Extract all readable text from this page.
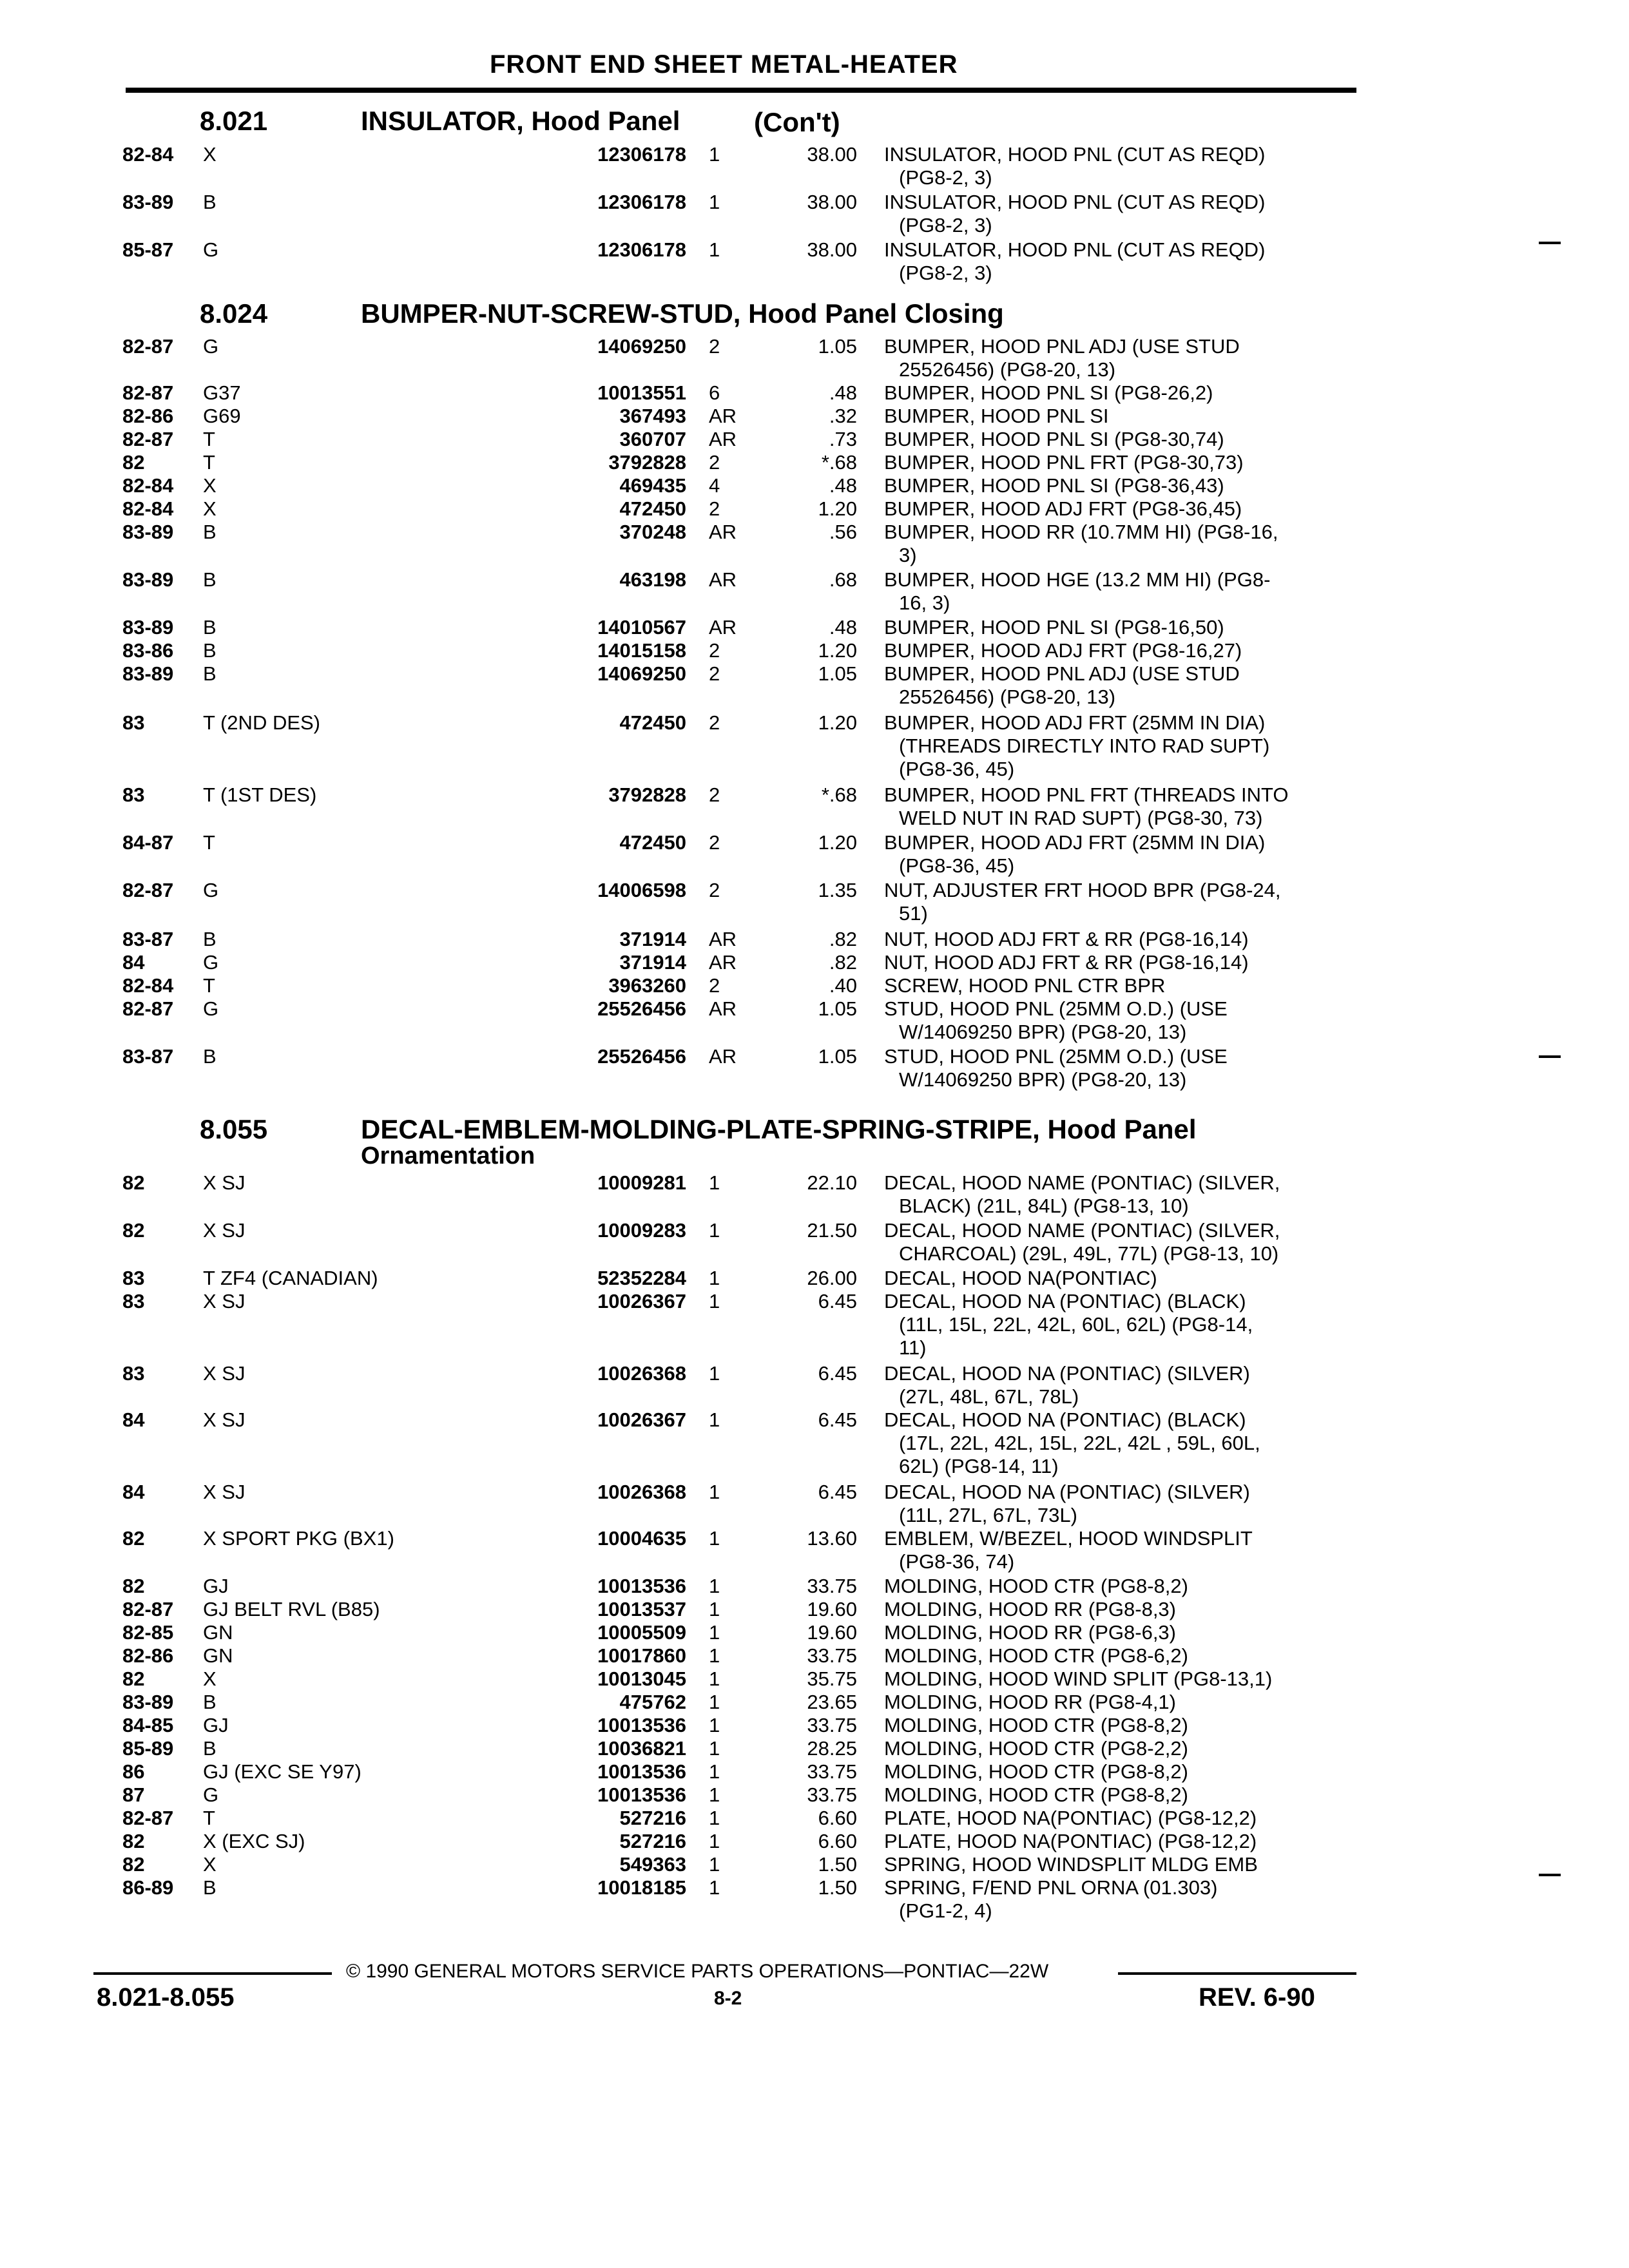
FRONT END SHEET METAL-HEATER
8.021	INSULATOR, Hood Panel	(Con't)
8.024	BUMPER-NUT-SCREW-STUD, Hood Panel Closing
8.055	DECAL-EMBLEM-MOLDING-PLATE-SPRING-STRIPE, Hood Panel
Ornamentation
82-84 X	12306178 1	38.00 INSULATOR, HOOD PNL (CUT AS REQD)
(PG8-2, 3)
83-89 B	12306178 1	38.00 INSULATOR, HOOD PNL (CUT AS REQD)
(PG8-2, 3)
85-87 G	12306178 1	38.00 INSULATOR, HOOD PNL (CUT AS REQD)
(PG8-2, 3)
82-87 G	14069250 2	1.05 BUMPER, HOOD PNL ADJ (USE STUD
25526456) (PG8-20, 13)
82-87 G37	10013551 6	.48 BUMPER, HOOD PNL SI (PG8-26,2)
82-86 G69	367493 AR	.32 BUMPER, HOOD PNL SI
82-87 T	360707 AR	.73 BUMPER, HOOD PNL SI (PG8-30,74)
82	T	3792828 2	*.68 BUMPER, HOOD PNL FRT (PG8-30,73)
82-84 X	469435 4	.48 BUMPER, HOOD PNL SI (PG8-36,43)
82-84 X	472450 2	1.20 BUMPER, HOOD ADJ FRT (PG8-36,45)
83-89 B	370248 AR	.56 BUMPER, HOOD RR (10.7MM HI) (PG8-16,
3)
83-89 B	463198 AR	.68 BUMPER, HOOD HGE (13.2 MM HI) (PG8-
16, 3)
83-89 B	14010567 AR	.48 BUMPER, HOOD PNL SI (PG8-16,50)
83-86 B	14015158 2	1.20 BUMPER, HOOD ADJ FRT (PG8-16,27)
83-89 B	14069250 2	1.05 BUMPER, HOOD PNL ADJ (USE STUD
25526456) (PG8-20, 13)
83	T (2ND DES)	472450 2	1.20 BUMPER, HOOD ADJ FRT (25MM IN DIA)
(THREADS DIRECTLY INTO RAD SUPT)
(PG8-36, 45)
83	T (1ST DES)	3792828 2	*.68 BUMPER, HOOD PNL FRT (THREADS INTO
WELD NUT IN RAD SUPT) (PG8-30, 73)
84-87 T	472450 2	1.20 BUMPER, HOOD ADJ FRT (25MM IN DIA)
(PG8-36, 45)
82-87 G	14006598 2	1.35 NUT, ADJUSTER FRT HOOD BPR (PG8-24,
51)
83-87 B	371914 AR	.82 NUT, HOOD ADJ FRT & RR (PG8-16,14)
84	G	371914 AR	.82 NUT, HOOD ADJ FRT & RR (PG8-16,14)
82-84 T	3963260 2	.40 SCREW, HOOD PNL CTR BPR
82-87 G	25526456 AR	1.05 STUD, HOOD PNL (25MM O.D.) (USE
W/14069250 BPR) (PG8-20, 13)
83-87 B	25526456 AR	1.05 STUD, HOOD PNL (25MM O.D.) (USE
W/14069250 BPR) (PG8-20, 13)
82	X SJ	10009281 1	22.10 DECAL, HOOD NAME (PONTIAC) (SILVER,
BLACK) (21L, 84L) (PG8-13, 10)
82	X SJ	10009283 1	21.50 DECAL, HOOD NAME (PONTIAC) (SILVER,
CHARCOAL) (29L, 49L, 77L) (PG8-13, 10)
83	T ZF4 (CANADIAN)	52352284 1	26.00 DECAL, HOOD NA(PONTIAC)
83	X SJ	10026367 1	6.45 DECAL, HOOD NA (PONTIAC) (BLACK)
(11L, 15L, 22L, 42L, 60L, 62L) (PG8-14,
11)
83	X SJ	10026368 1	6.45 DECAL, HOOD NA (PONTIAC) (SILVER)
(27L, 48L, 67L, 78L)
84	X SJ	10026367 1	6.45 DECAL, HOOD NA (PONTIAC) (BLACK)
(17L, 22L, 42L, 15L, 22L, 42L , 59L, 60L,
62L) (PG8-14, 11)
84	X SJ	10026368 1	6.45 DECAL, HOOD NA (PONTIAC) (SILVER)
(11L, 27L, 67L, 73L)
82	X SPORT PKG (BX1)	10004635 1	13.60 EMBLEM, W/BEZEL, HOOD WINDSPLIT
(PG8-36, 74)
82	GJ	10013536 1	33.75 MOLDING, HOOD CTR (PG8-8,2)
82-87 GJ BELT RVL (B85)	10013537 1	19.60 MOLDING, HOOD RR (PG8-8,3)
82-85 GN	10005509 1	19.60 MOLDING, HOOD RR (PG8-6,3)
82-86 GN	10017860 1	33.75 MOLDING, HOOD CTR (PG8-6,2)
82	X	10013045 1	35.75 MOLDING, HOOD WIND SPLIT (PG8-13,1)
83-89 B	475762 1	23.65 MOLDING, HOOD RR (PG8-4,1)
84-85 GJ	10013536 1	33.75 MOLDING, HOOD CTR (PG8-8,2)
85-89 B	10036821 1	28.25 MOLDING, HOOD CTR (PG8-2,2)
86	GJ (EXC SE Y97)	10013536 1	33.75 MOLDING, HOOD CTR (PG8-8,2)
87	G	10013536 1	33.75 MOLDING, HOOD CTR (PG8-8,2)
82-87 T	527216 1	6.60 PLATE, HOOD NA(PONTIAC) (PG8-12,2)
82	X (EXC SJ)	527216 1	6.60 PLATE, HOOD NA(PONTIAC) (PG8-12,2)
82	X	549363 1	1.50 SPRING, HOOD WINDSPLIT MLDG EMB
86-89 B	10018185 1	1.50 SPRING, F/END PNL ORNA (01.303)
(PG1-2, 4)
© 1990 GENERAL MOTORS SERVICE PARTS OPERATIONS—PONTIAC—22W
8.021-8.055	8-2	REV. 6-90
